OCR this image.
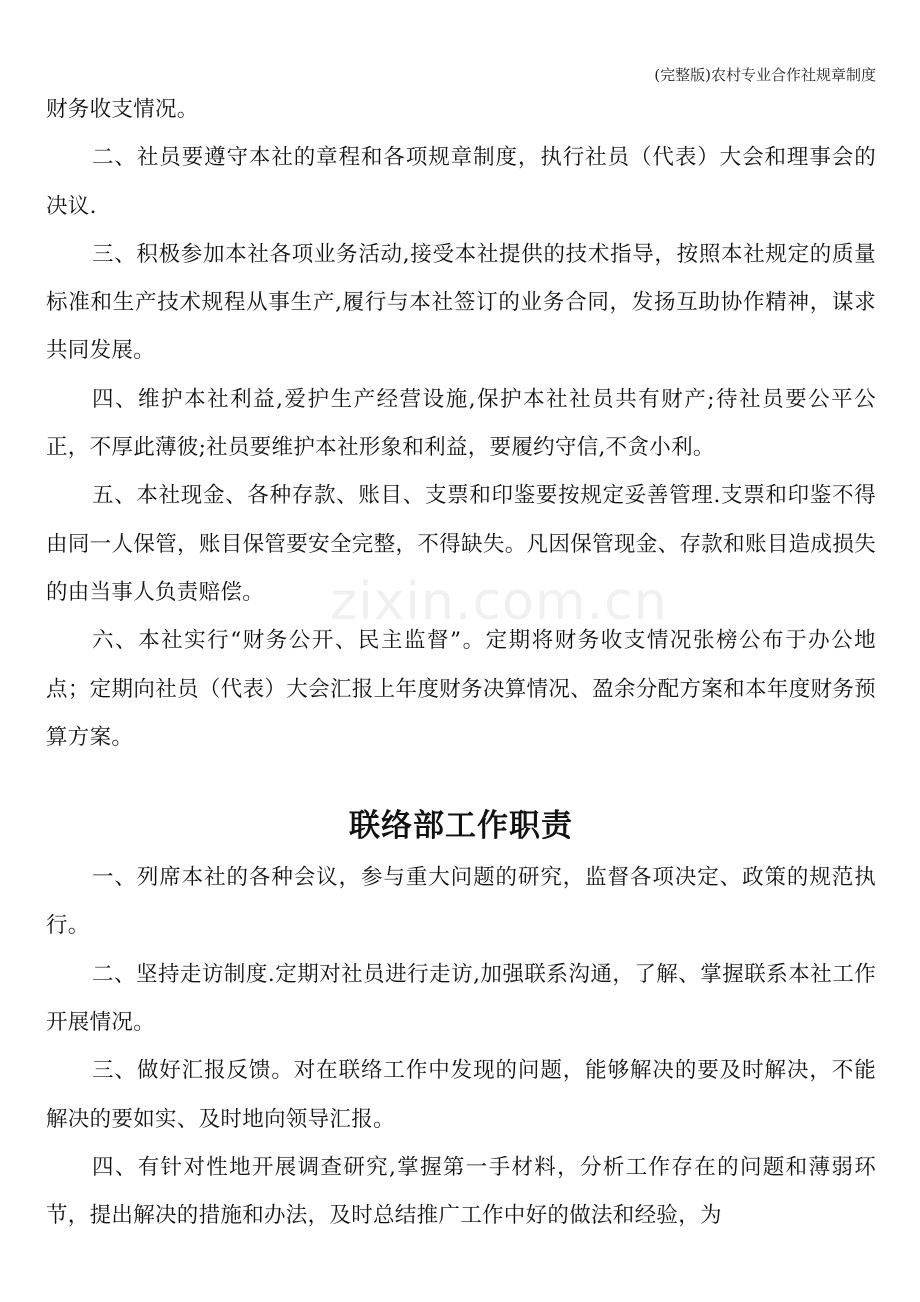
(完整版)农村专业合作社规章制度
zixin.com.cn

财务收支情况。

二、社员要遵守本社的章程和各项规章制度，执行社员（代表）大会和理事会的决议.

三、积极参加本社各项业务活动,接受本社提供的技术指导，按照本社规定的质量标准和生产技术规程从事生产,履行与本社签订的业务合同，发扬互助协作精神，谋求共同发展。

四、维护本社利益,爱护生产经营设施,保护本社社员共有财产;待社员要公平公正，不厚此薄彼;社员要维护本社形象和利益，要履约守信,不贪小利。

五、本社现金、各种存款、账目、支票和印鉴要按规定妥善管理.支票和印鉴不得由同一人保管，账目保管要安全完整，不得缺失。凡因保管现金、存款和账目造成损失的由当事人负责赔偿。

六、本社实行“财务公开、民主监督”。定期将财务收支情况张榜公布于办公地点；定期向社员（代表）大会汇报上年度财务决算情况、盈余分配方案和本年度财务预算方案。

联络部工作职责

一、列席本社的各种会议，参与重大问题的研究，监督各项决定、政策的规范执行。

二、坚持走访制度.定期对社员进行走访,加强联系沟通，了解、掌握联系本社工作开展情况。

三、做好汇报反馈。对在联络工作中发现的问题，能够解决的要及时解决，不能解决的要如实、及时地向领导汇报。

四、有针对性地开展调查研究,掌握第一手材料，分析工作存在的问题和薄弱环节，提出解决的措施和办法，及时总结推广工作中好的做法和经验，为
